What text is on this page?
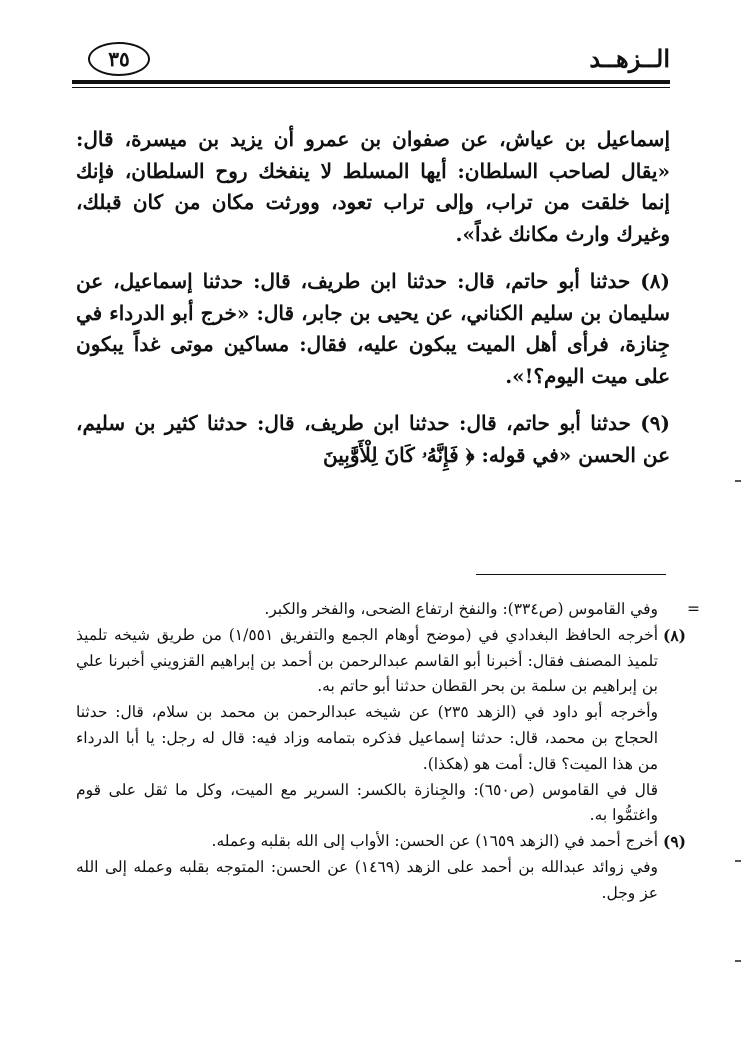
الــزهــد
٣٥

إسماعيل بن عياش، عن صفوان بن عمرو أن يزيد بن ميسرة، قال: «يقال لصاحب السلطان: أيها المسلط لا ينفخك روح السلطان، فإنك إنما خلقت من تراب، وإلى تراب تعود، وورثت مكان من كان قبلك، وغيرك وارث مكانك غداً».

(٨) حدثنا أبو حاتم، قال: حدثنا ابن طريف، قال: حدثنا إسماعيل، عن سليمان بن سليم الكناني، عن يحيى بن جابر، قال: «خرج أبو الدرداء في جِنازة، فرأى أهل الميت يبكون عليه، فقال: مساكين موتى غداً يبكون على ميت اليوم؟!».

(٩) حدثنا أبو حاتم، قال: حدثنا ابن طريف، قال: حدثنا كثير بن سليم، عن الحسن «في قوله: ﴿ فَإِنَّهُۥ كَانَ لِلْأَوَّٰبِينَ

=
وفي القاموس (ص٣٣٤): والنفخ ارتفاع الضحى، والفخر والكبر.

(٨)
أخرجه الحافظ البغدادي في (موضح أوهام الجمع والتفريق ١/٥٥١) من طريق شيخه تلميذ تلميذ المصنف فقال: أخبرنا أبو القاسم عبدالرحمن بن أحمد بن إبراهيم القزويني أخبرنا علي بن إبراهيم بن سلمة بن بحر القطان حدثنا أبو حاتم به.

وأخرجه أبو داود في (الزهد ٢٣٥) عن شيخه عبدالرحمن بن محمد بن سلام، قال: حدثنا الحجاج بن محمد، قال: حدثنا إسماعيل فذكره بتمامه وزاد فيه: قال له رجل: يا أبا الدرداء من هذا الميت؟ قال: أمت هو (هكذا).

قال في القاموس (ص٦٥٠): والجِنازة بالكسر: السرير مع الميت، وكل ما ثقل على قوم واغتمُّوا به.

(٩)
أخرج أحمد في (الزهد ١٦٥٩) عن الحسن: الأواب إلى الله بقلبه وعمله.

وفي زوائد عبدالله بن أحمد على الزهد (١٤٦٩) عن الحسن: المتوجه بقلبه وعمله إلى الله عز وجل.
